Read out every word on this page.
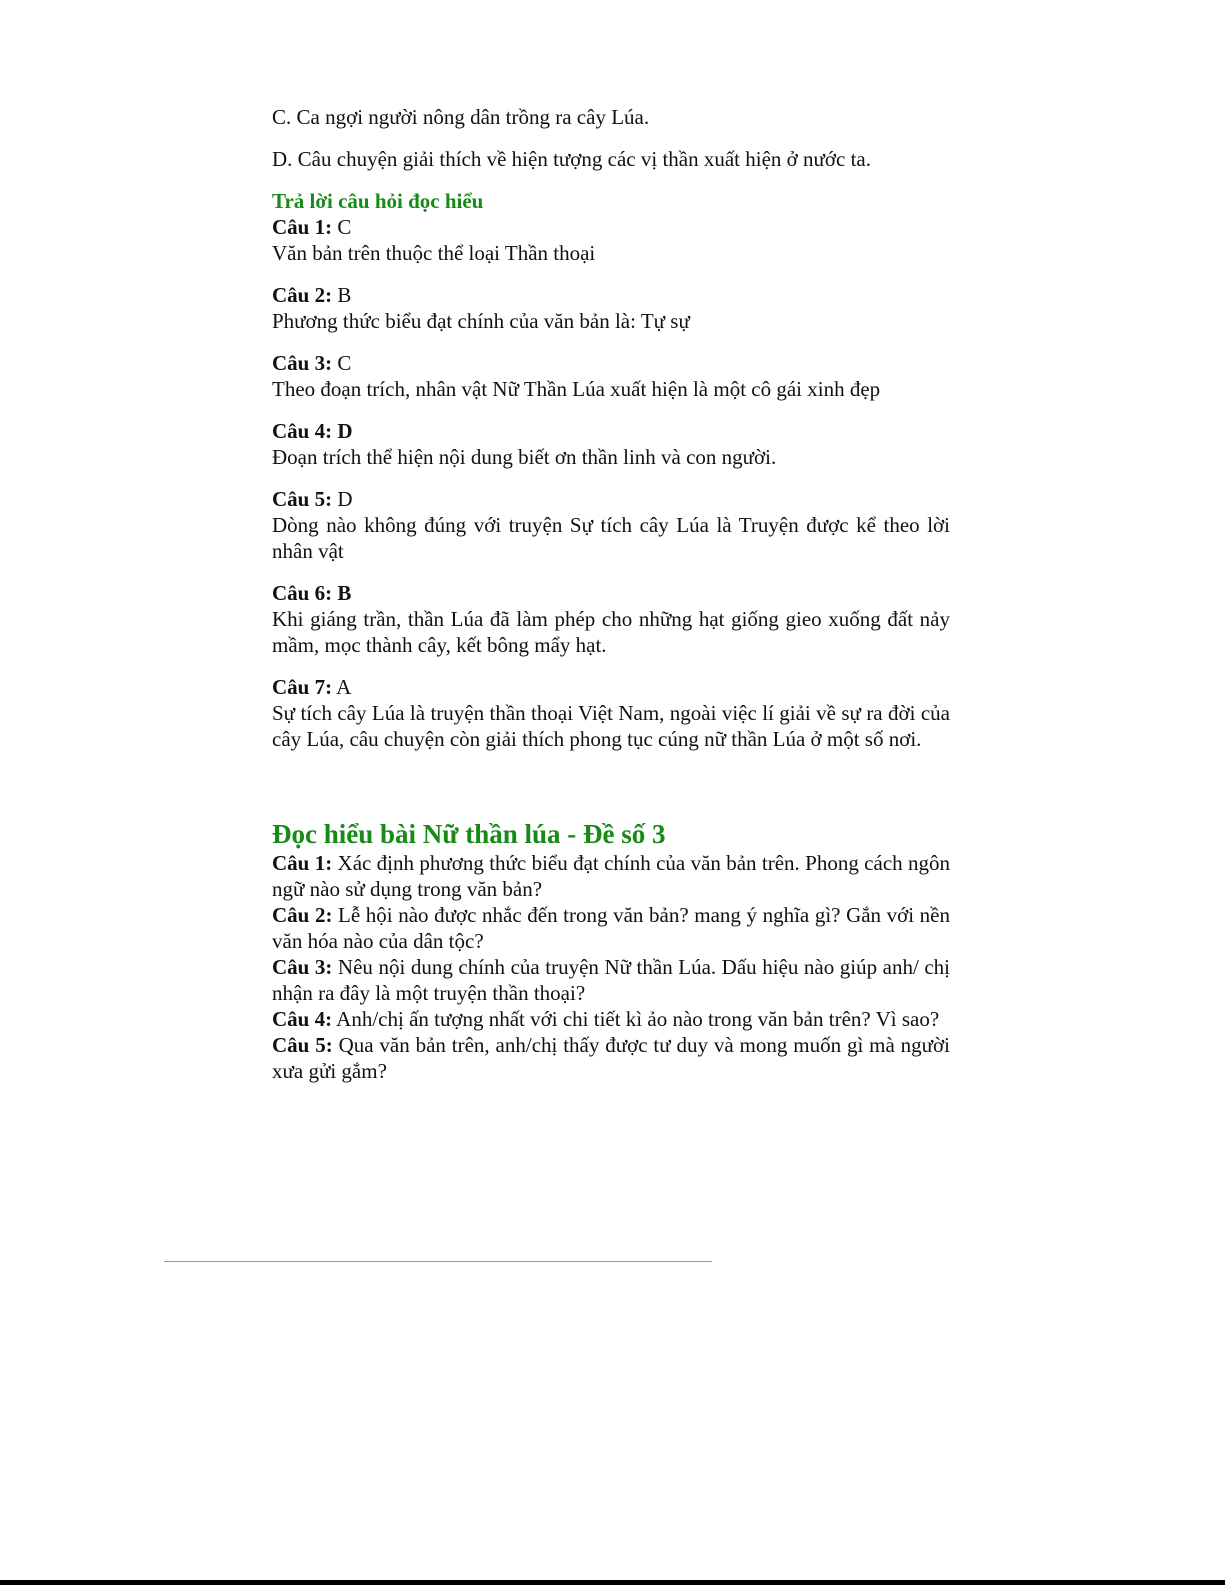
C. Ca ngợi người nông dân trồng ra cây Lúa.

D. Câu chuyện giải thích về hiện tượng các vị thần xuất hiện ở nước ta.

Trả lời câu hỏi đọc hiểu

Câu 1: C

Văn bản trên thuộc thể loại Thần thoại

Câu 2: B

Phương thức biểu đạt chính của văn bản là: Tự sự

Câu 3: C

Theo đoạn trích, nhân vật Nữ Thần Lúa xuất hiện là một cô gái xinh đẹp

Câu 4: D

Đoạn trích thể hiện nội dung biết ơn thần linh và con người.

Câu 5: D

Dòng nào không đúng với truyện Sự tích cây Lúa là Truyện được kể theo lời nhân vật

Câu 6: B

Khi giáng trần, thần Lúa đã làm phép cho những hạt giống gieo xuống đất nảy mầm, mọc thành cây, kết bông mẩy hạt.

Câu 7: A

Sự tích cây Lúa là truyện thần thoại Việt Nam, ngoài việc lí giải về sự ra đời của cây Lúa, câu chuyện còn giải thích phong tục cúng nữ thần Lúa ở một số nơi.

Đọc hiểu bài Nữ thần lúa - Đề số 3

Câu 1: Xác định phương thức biểu đạt chính của văn bản trên. Phong cách ngôn ngữ nào sử dụng trong văn bản?

Câu 2: Lễ hội nào được nhắc đến trong văn bản? mang ý nghĩa gì? Gắn với nền văn hóa nào của dân tộc?

Câu 3: Nêu nội dung chính của truyện Nữ thần Lúa. Dấu hiệu nào giúp anh/ chị nhận ra đây là một truyện thần thoại?

Câu 4: Anh/chị ấn tượng nhất với chi tiết kì ảo nào trong văn bản trên? Vì sao?

Câu 5: Qua văn bản trên, anh/chị thấy được tư duy và mong muốn gì mà người xưa gửi gắm?
